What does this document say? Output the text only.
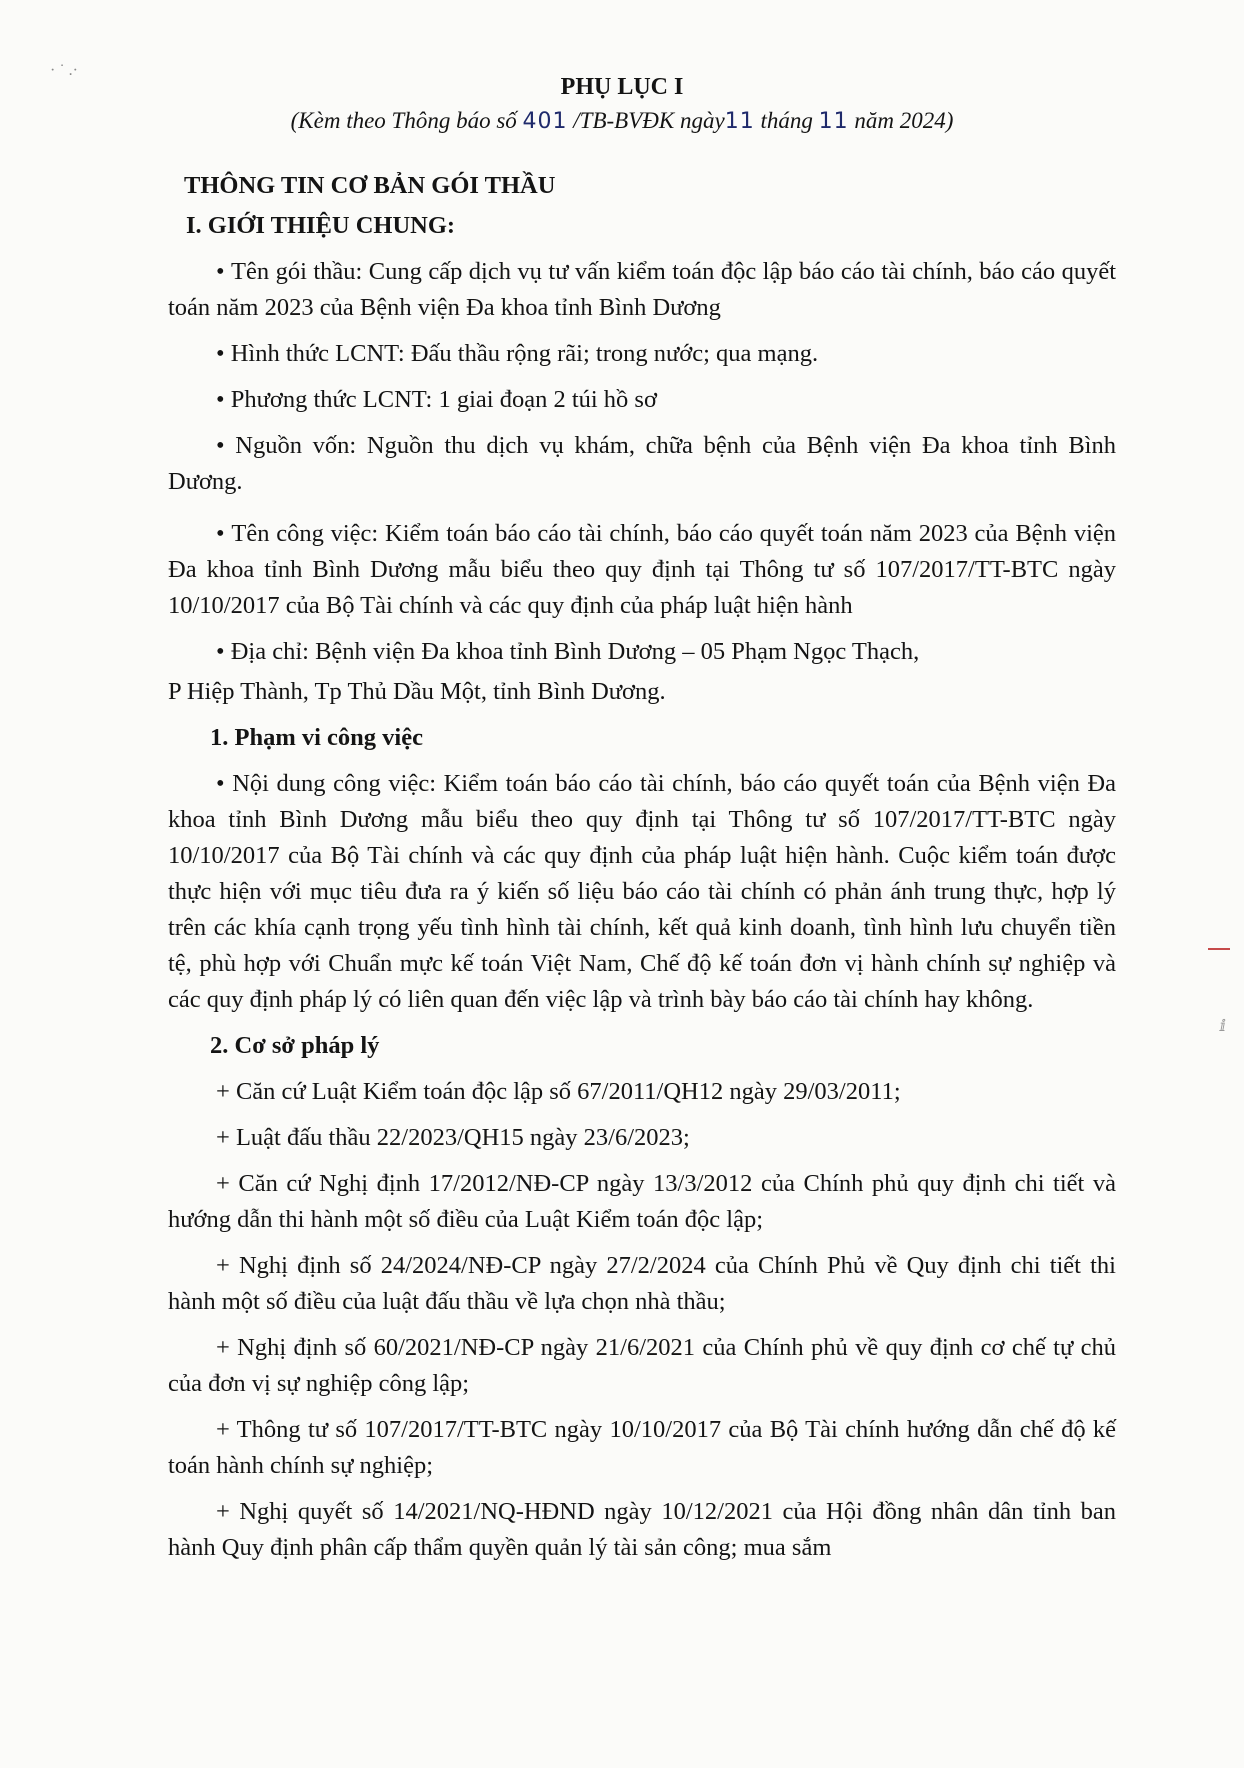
· ˙ .·
PHỤ LỤC I
(Kèm theo Thông báo số 401 /TB-BVĐK ngày11 tháng 11 năm 2024)
THÔNG TIN CƠ BẢN GÓI THẦU
I. GIỚI THIỆU CHUNG:

• Tên gói thầu: Cung cấp dịch vụ tư vấn kiểm toán độc lập báo cáo tài chính, báo cáo quyết toán năm 2023 của Bệnh viện Đa khoa tỉnh Bình Dương

• Hình thức LCNT: Đấu thầu rộng rãi; trong nước; qua mạng.

• Phương thức LCNT: 1 giai đoạn 2 túi hồ sơ

• Nguồn vốn: Nguồn thu dịch vụ khám, chữa bệnh của Bệnh viện Đa khoa tỉnh Bình Dương.

• Tên công việc: Kiểm toán báo cáo tài chính, báo cáo quyết toán năm 2023 của Bệnh viện Đa khoa tỉnh Bình Dương mẫu biểu theo quy định tại Thông tư số 107/2017/TT-BTC ngày 10/10/2017 của Bộ Tài chính và các quy định của pháp luật hiện hành

• Địa chỉ: Bệnh viện Đa khoa tỉnh Bình Dương – 05 Phạm Ngọc Thạch,

P Hiệp Thành, Tp Thủ Dầu Một, tỉnh Bình Dương.

1. Phạm vi công việc

• Nội dung công việc: Kiểm toán báo cáo tài chính, báo cáo quyết toán của Bệnh viện Đa khoa tỉnh Bình Dương mẫu biểu theo quy định tại Thông tư số 107/2017/TT-BTC ngày 10/10/2017 của Bộ Tài chính và các quy định của pháp luật hiện hành. Cuộc kiểm toán được thực hiện với mục tiêu đưa ra ý kiến số liệu báo cáo tài chính có phản ánh trung thực, hợp lý trên các khía cạnh trọng yếu tình hình tài chính, kết quả kinh doanh, tình hình lưu chuyển tiền tệ, phù hợp với Chuẩn mực kế toán Việt Nam, Chế độ kế toán đơn vị hành chính sự nghiệp và các quy định pháp lý có liên quan đến việc lập và trình bày báo cáo tài chính hay không.

2. Cơ sở pháp lý

+ Căn cứ Luật Kiểm toán độc lập số 67/2011/QH12 ngày 29/03/2011;

+ Luật đấu thầu 22/2023/QH15 ngày 23/6/2023;

+ Căn cứ Nghị định 17/2012/NĐ-CP ngày 13/3/2012 của Chính phủ quy định chi tiết và hướng dẫn thi hành một số điều của Luật Kiểm toán độc lập;

+ Nghị định số 24/2024/NĐ-CP ngày 27/2/2024 của Chính Phủ về Quy định chi tiết thi hành một số điều của luật đấu thầu về lựa chọn nhà thầu;

+ Nghị định số 60/2021/NĐ-CP ngày 21/6/2021 của Chính phủ về quy định cơ chế tự chủ của đơn vị sự nghiệp công lập;

+ Thông tư số 107/2017/TT-BTC ngày 10/10/2017 của Bộ Tài chính hướng dẫn chế độ kế toán hành chính sự nghiệp;

+ Nghị quyết số 14/2021/NQ-HĐND ngày 10/12/2021 của Hội đồng nhân dân tỉnh ban hành Quy định phân cấp thẩm quyền quản lý tài sản công; mua sắm

ⅈ
